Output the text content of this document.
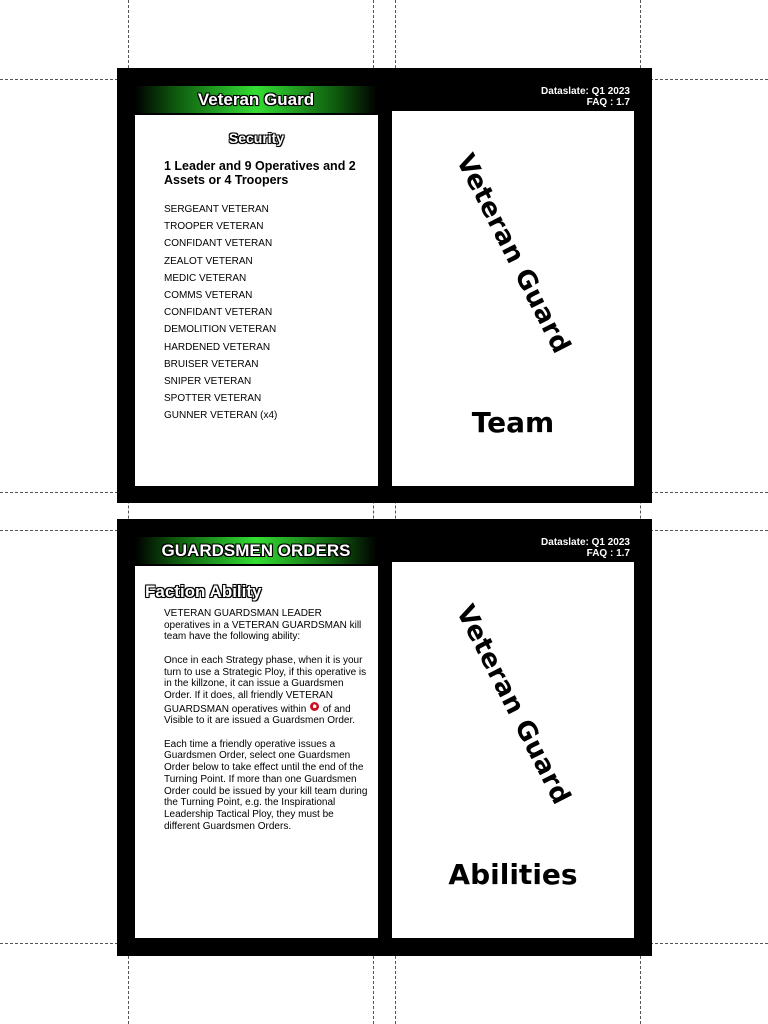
Veteran Guard	Dataslate: Q1 2023
FAQ : 1.7
Security
1 Leader and 9 Operatives and 2 Assets or 4 Troopers
SERGEANT VETERAN
TROOPER VETERAN
CONFIDANT VETERAN
ZEALOT VETERAN
MEDIC VETERAN
COMMS VETERAN
CONFIDANT VETERAN
DEMOLITION VETERAN
HARDENED VETERAN
BRUISER VETERAN
SNIPER VETERAN
SPOTTER VETERAN
GUNNER VETERAN (x4)
Veteran Guard
Team
GUARDSMEN ORDERS	Dataslate: Q1 2023
FAQ : 1.7
Faction Ability

VETERAN GUARDSMAN LEADER operatives in a VETERAN GUARDSMAN kill team have the following ability:

Once in each Strategy phase, when it is your turn to use a Strategic Ploy, if this operative is in the killzone, it can issue a Guardsmen Order. If it does, all friendly VETERAN GUARDSMAN operatives within of and Visible to it are issued a Guardsmen Order.

Each time a friendly operative issues a Guardsmen Order, select one Guardsmen Order below to take effect until the end of the Turning Point. If more than one Guardsmen Order could be issued by your kill team during the Turning Point, e.g. the Inspirational Leadership Tactical Ploy, they must be different Guardsmen Orders.

Veteran Guard
Abilities
